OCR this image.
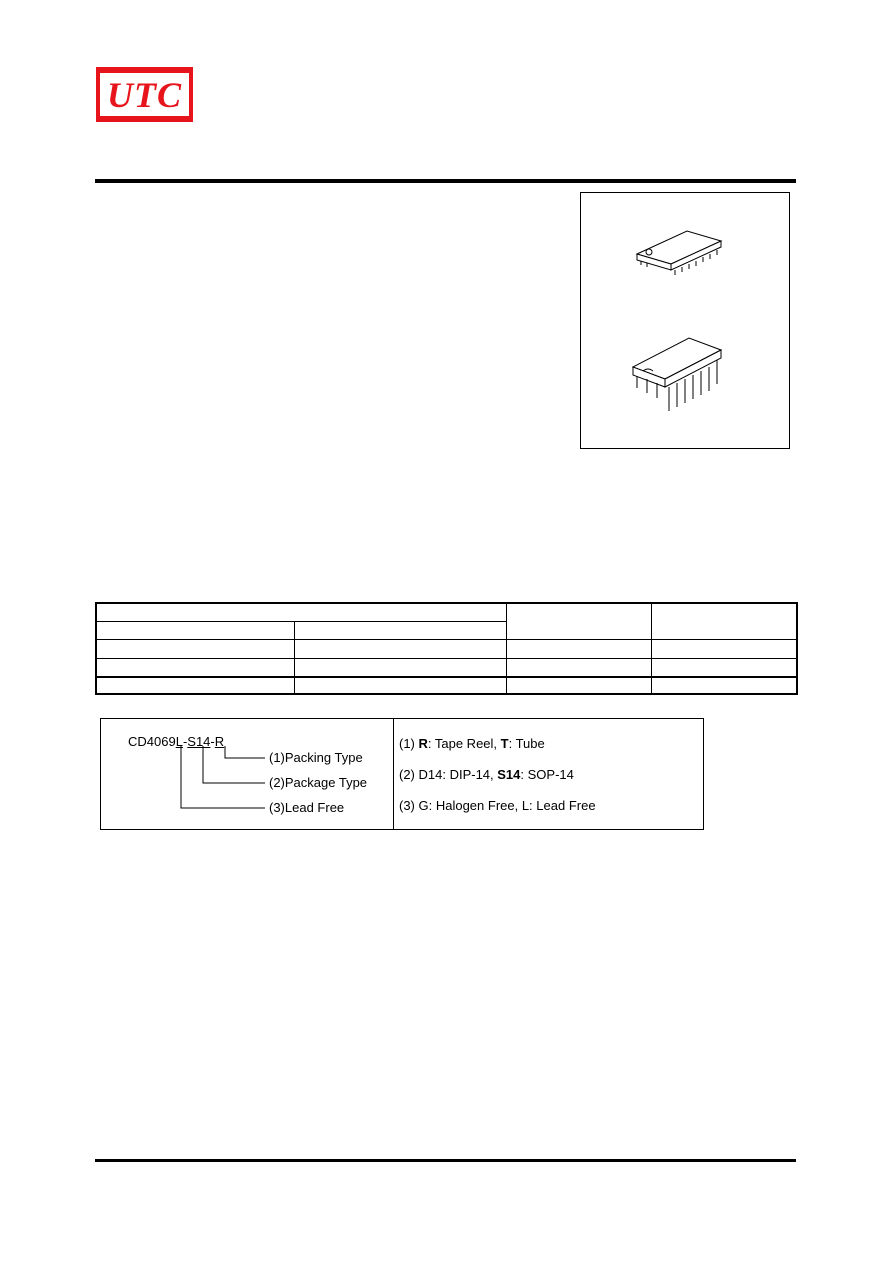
UTC

CD4069L-S14-R
(1)Packing Type
(2)Package Type
(3)Lead Free
(1) R: Tape Reel, T: Tube
(2) D14: DIP-14, S14: SOP-14
(3) G: Halogen Free, L: Lead Free
